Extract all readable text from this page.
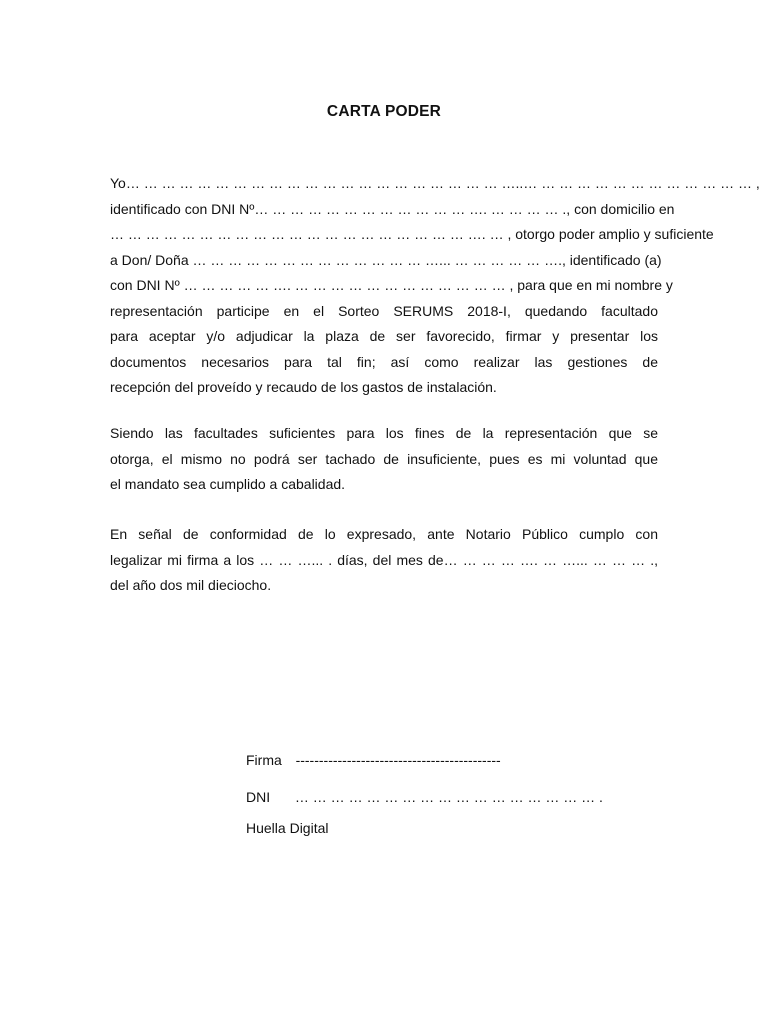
CARTA PODER
Yo… … … … … … … … … … … … … … … … … … … … … …..… … … … … … … … … … … … … ,
identificado con DNI Nº… … … … … … … … … … … … …. … … … … ., con domicilio en
… … … … … … … … … … … … … … … … … … … … …. … , otorgo poder amplio y suficiente
a Don/ Doña … … … … … … … … … … … … … …... … … … … … …., identificado (a)
con DNI Nº … … … … … …. … … … … … … … … … … … … , para que en mi nombre y
representación participe en el Sorteo SERUMS 2018-I, quedando facultado
para aceptar y/o adjudicar la plaza de ser favorecido, firmar y presentar los
documentos necesarios para tal fin; así como realizar las gestiones de
recepción del proveído y recaudo de los gastos de instalación.
Siendo las facultades suficientes para los fines de la representación que se
otorga, el mismo no podrá ser tachado de insuficiente, pues es mi voluntad que
el mandato sea cumplido a cabalidad.
En señal de conformidad de lo expresado, ante Notario Público cumplo con
legalizar mi firma a los … … …... . días, del mes de… … … … …. … …... … … … .,
del año dos mil dieciocho.
Firma --------------------------------------------
DNI … … … … … … … … … … … … … … … … … .
Huella Digital
